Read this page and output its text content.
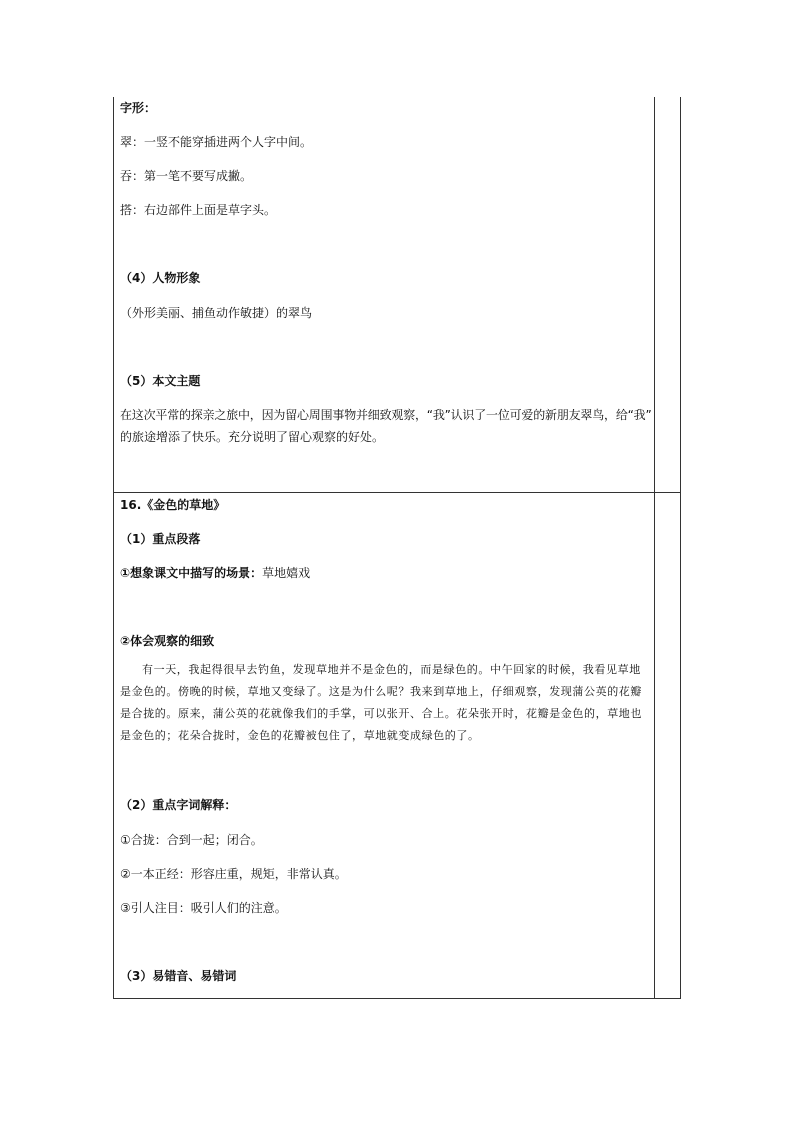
字形：
翠：一竖不能穿插进两个人字中间。
吞：第一笔不要写成撇。
搭：右边部件上面是草字头。
（4）人物形象
（外形美丽、捕鱼动作敏捷）的翠鸟
（5）本文主题
在这次平常的探亲之旅中，因为留心周围事物并细致观察，“我”认识了一位可爱的新朋友翠鸟，给“我”
的旅途增添了快乐。充分说明了留心观察的好处。
16.《金色的草地》
（1）重点段落
①想象课文中描写的场景：草地嬉戏
②体会观察的细致
有一天，我起得很早去钓鱼，发现草地并不是金色的，而是绿色的。中午回家的时候，我看见草地是金色的。傍晚的时候，草地又变绿了。这是为什么呢？我来到草地上，仔细观察，发现蒲公英的花瓣是合拢的。原来，蒲公英的花就像我们的手掌，可以张开、合上。花朵张开时，花瓣是金色的，草地也是金色的；花朵合拢时，金色的花瓣被包住了，草地就变成绿色的了。
（2）重点字词解释：
①合拢：合到一起；闭合。
②一本正经：形容庄重，规矩，非常认真。
③引人注目：吸引人们的注意。
（3）易错音、易错词
